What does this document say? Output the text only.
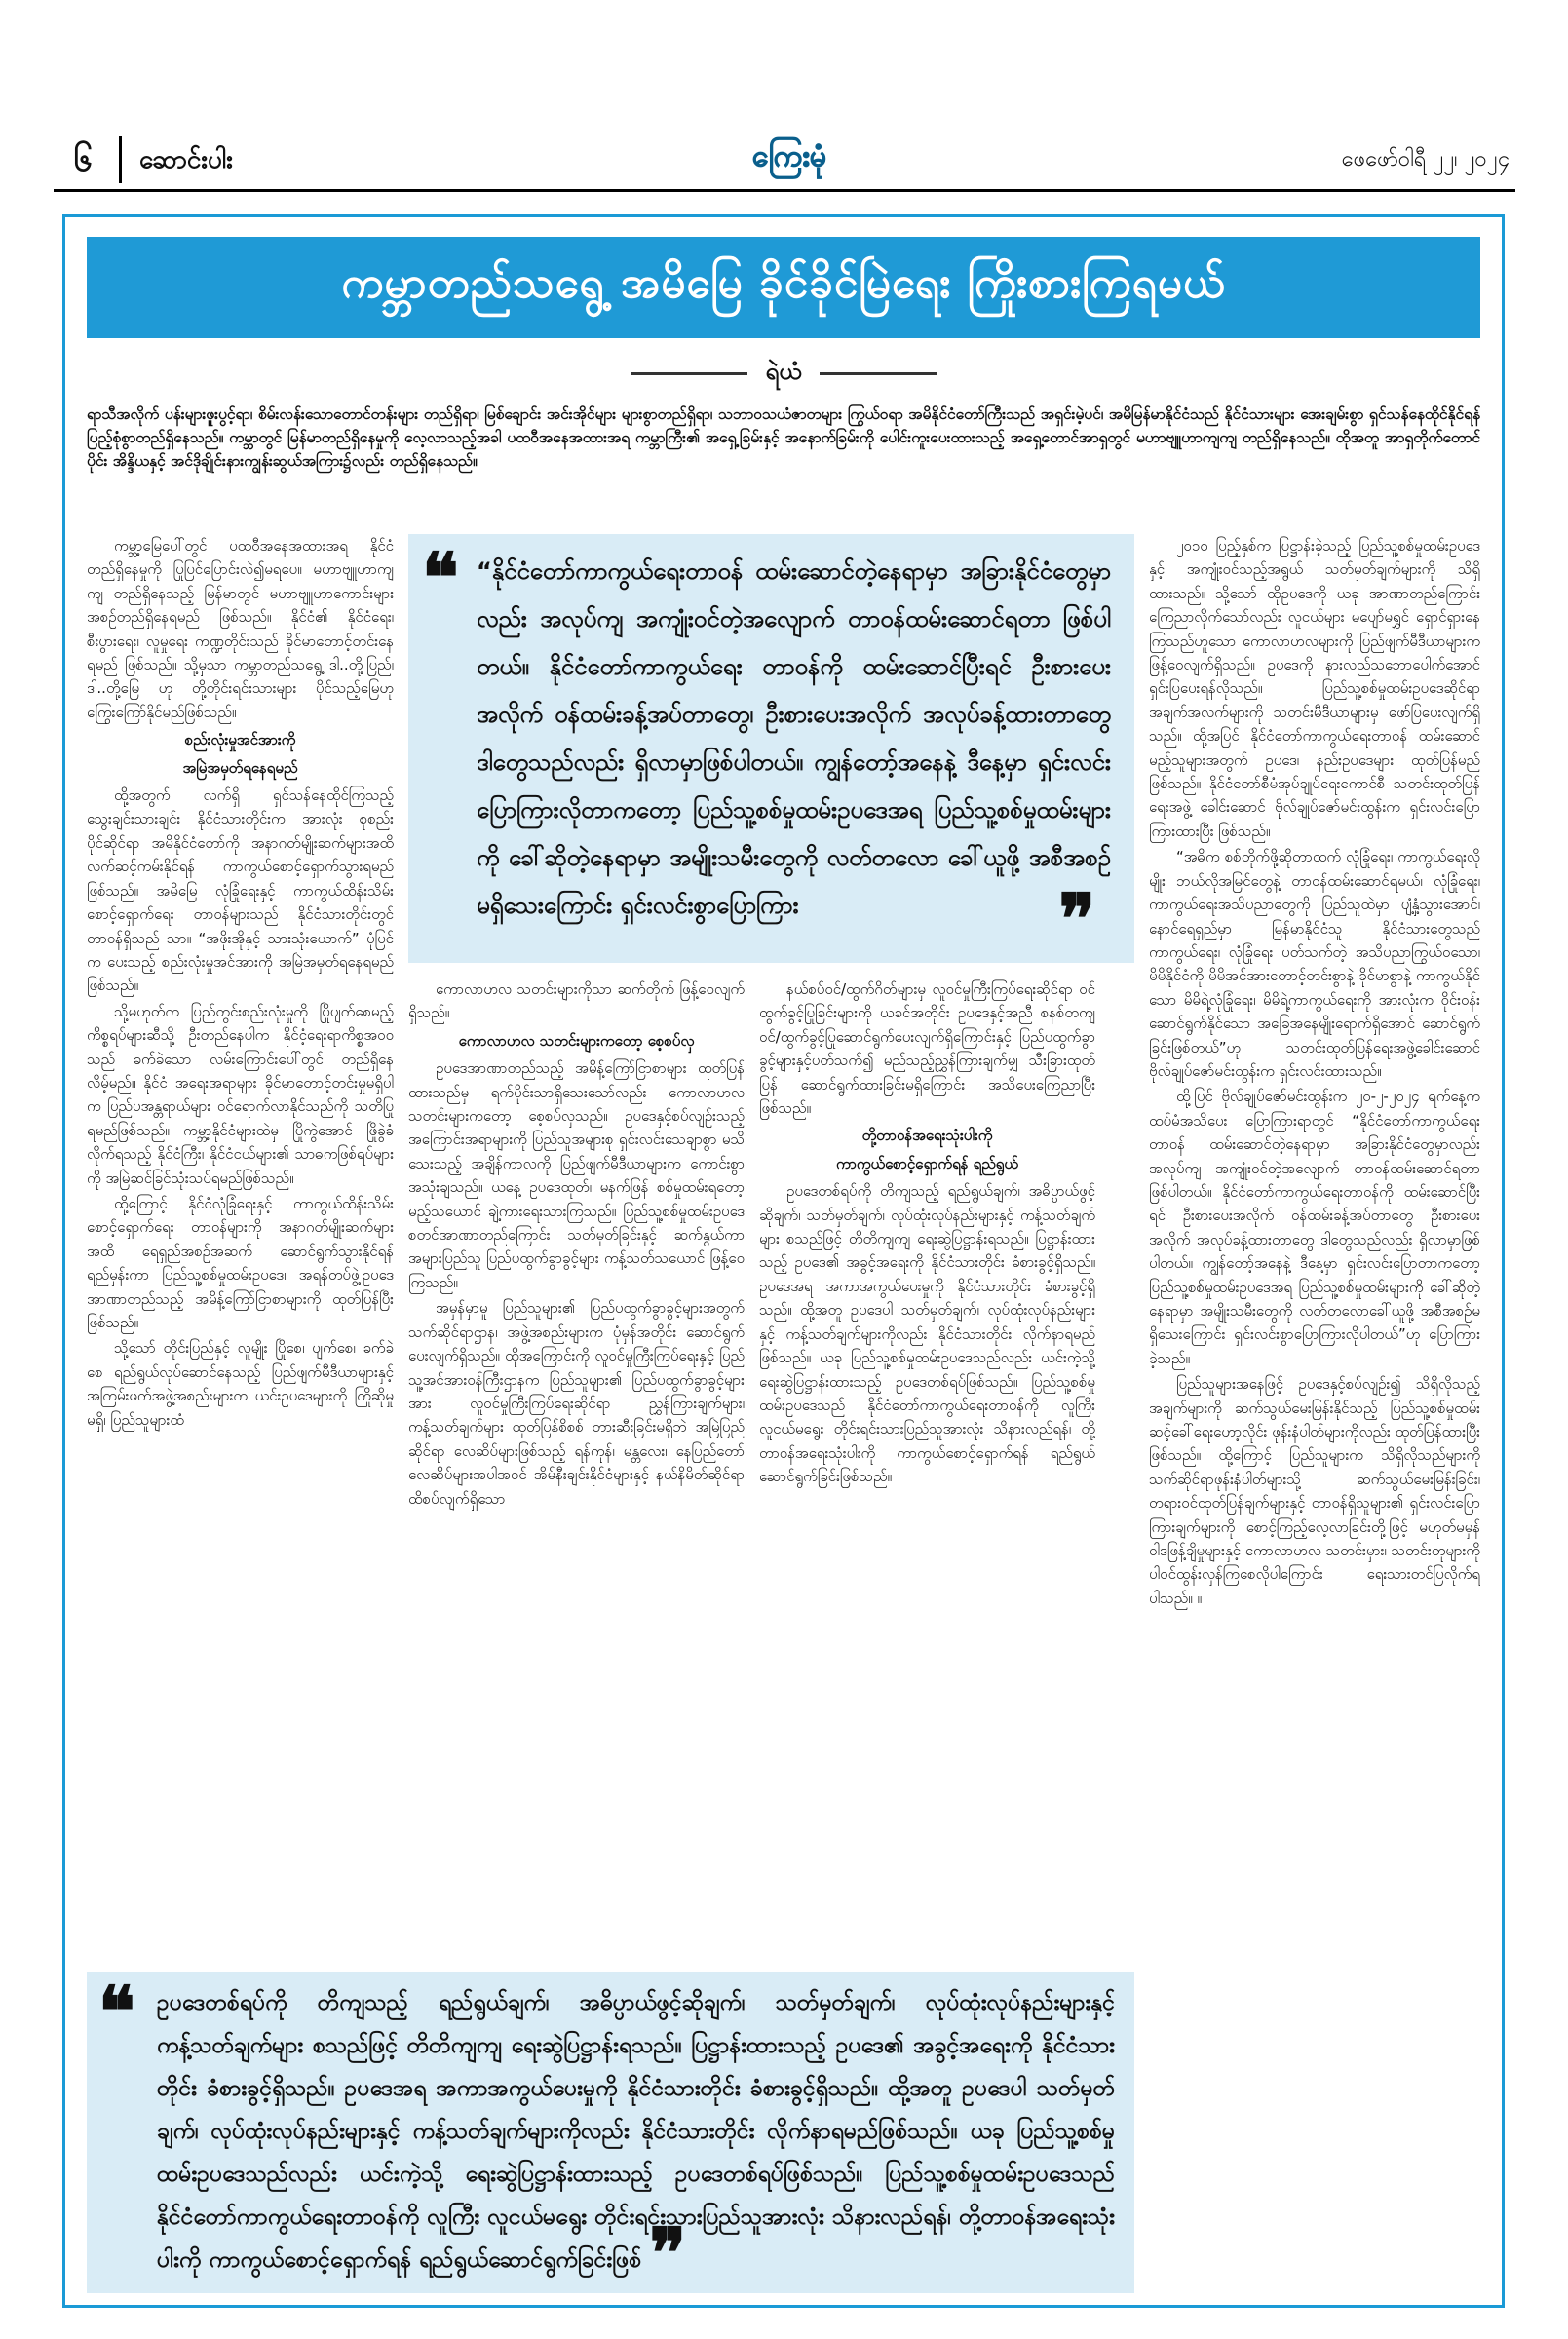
၆	ဆောင်းပါး	ကြေးမုံ	ဖေဖော်ဝါရီ ၂၂၊ ၂၀၂၄
ကမ္ဘာတည်သရွေ့ အမိမြေ ခိုင်ခိုင်မြဲရေး ကြိုးစားကြရမယ်
ရဲယံ
ရာသီအလိုက် ပန်းများဖူးပွင့်ရာ၊ စိမ်းလန်းသောတောင်တန်းများ တည်ရှိရာ၊ မြစ်ချောင်း အင်းအိုင်များ များစွာတည်ရှိရာ၊ သဘာဝသယံဇာတများ ကြွယ်ဝရာ အမိနိုင်ငံတော်ကြီးသည် အရှင်းမဲ့ပင်၊ အမိမြန်မာနိုင်ငံသည် နိုင်ငံသားများ အေးချမ်းစွာ ရှင်သန်နေထိုင်နိုင်ရန် ပြည့်စုံစွာတည်ရှိနေသည်။ ကမ္ဘာတွင် မြန်မာတည်ရှိနေမှုကို လေ့လာသည့်အခါ ပထဝီအနေအထားအရ ကမ္ဘာကြီး၏ အရှေ့ခြမ်းနှင့် အနောက်ခြမ်းကို ပေါင်းကူးပေးထားသည့် အရှေ့တောင်အာရှတွင် မဟာဗျူဟာကျကျ တည်ရှိနေသည်။ ထိုအတူ အာရှတိုက်တောင်ပိုင်း အိန္ဒိယနှင့် အင်ဒိုချိုင်းနားကျွန်းဆွယ်အကြား၌လည်း တည်ရှိနေသည်။

ကမ္ဘာ့မြေပေါ်တွင် ပထဝီအနေအထားအရ နိုင်ငံတည်ရှိနေမှုကို ပြုပြင်ပြောင်းလဲ၍မရပေ။ မဟာဗျူဟာကျကျ တည်ရှိနေသည့် မြန်မာတွင် မဟာဗျူဟာကောင်းများ အစဉ်တည်ရှိနေရမည် ဖြစ်သည်။ နိုင်ငံ၏ နိုင်ငံရေး၊ စီးပွားရေး၊ လူမှုရေး ကဏ္ဍတိုင်းသည် ခိုင်မာတောင့်တင်းနေရမည် ဖြစ်သည်။ သို့မှသာ ကမ္ဘာတည်သရွေ့ ဒါ..တို့ပြည်၊ ဒါ..တို့မြေ ဟု တို့တိုင်းရင်းသားများ ပိုင်သည့်မြေဟု ကြွေးကြော်နိုင်မည်ဖြစ်သည်။

စည်းလုံးမှုအင်အားကို

အမြဲအမှတ်ရနေရမည်

ထို့အတွက် လက်ရှိ ရှင်သန်နေထိုင်ကြသည့် သွေးချင်းသားချင်း နိုင်ငံသားတိုင်းက အားလုံး စုစည်းပိုင်ဆိုင်ရာ အမိနိုင်ငံတော်ကို အနာဂတ်မျိုးဆက်များအထိ လက်ဆင့်ကမ်းနိုင်ရန် ကာကွယ်စောင့်ရှောက်သွားရမည် ဖြစ်သည်။ အမိမြေ လုံခြုံရေးနှင့် ကာကွယ်ထိန်းသိမ်းစောင့်ရှောက်ရေး တာဝန်များသည် နိုင်ငံသားတိုင်းတွင် တာဝန်ရှိသည် သာ။ “အဖိုးအိုနှင့် သားသုံးယောက်” ပုံပြင်က ပေးသည့် စည်းလုံးမှုအင်အားကို အမြဲအမှတ်ရနေရမည်ဖြစ်သည်။

သို့မဟုတ်က ပြည်တွင်းစည်းလုံးမှုကို ပြိုပျက်စေမည့် ကိစ္စရပ်များဆီသို့ ဦးတည်နေပါက နိုင်ငံ့ရေးရာကိစ္စအဝဝသည် ခက်ခဲသော လမ်းကြောင်းပေါ်တွင် တည်ရှိနေလိမ့်မည်။ နိုင်ငံ အရေးအရာများ ခိုင်မာတောင့်တင်းမှုမရှိပါက ပြည်ပအန္တရာယ်များ ဝင်ရောက်လာနိုင်သည်ကို သတိပြုရမည်ဖြစ်သည်။ ကမ္ဘာ့နိုင်ငံများထဲမှ ပြိုကွဲအောင် ဖြိုခွဲခံလိုက်ရသည့် နိုင်ငံကြီး၊ နိုင်ငံငယ်များ၏ သာဓကဖြစ်ရပ်များကို အမြဲဆင်ခြင်သုံးသပ်ရမည်ဖြစ်သည်။

ထို့ကြောင့် နိုင်ငံလုံခြုံရေးနှင့် ကာကွယ်ထိန်းသိမ်းစောင့်ရှောက်ရေး တာဝန်များကို အနာဂတ်မျိုးဆက်များအထိ ရေရှည်အစဉ်အဆက် ဆောင်ရွက်သွားနိုင်ရန် ရည်မှန်းကာ ပြည်သူ့စစ်မှုထမ်းဥပဒေ၊ အရန်တပ်ဖွဲ့ဥပဒေ အာဏာတည်သည့် အမိန့်ကြော်ငြာစာများကို ထုတ်ပြန်ပြီးဖြစ်သည်။

သို့သော် တိုင်းပြည်နှင့် လူမျိုး ပြိုစေ၊ ပျက်စေ၊ ခက်ခဲစေ ရည်ရွယ်လုပ်ဆောင်နေသည့် ပြည်ဖျက်မီဒီယာများနှင့် အကြမ်းဖက်အဖွဲ့အစည်းများက ယင်းဥပဒေများကို ကြိုဆိုမှုမရှိ၊ ပြည်သူများထံ

❝ “နိုင်ငံတော်ကာကွယ်ရေးတာဝန် ထမ်းဆောင်တဲ့နေရာမှာ အခြားနိုင်ငံတွေမှာလည်း အလုပ်ကျ အကျုံးဝင်တဲ့အလျောက် တာဝန်ထမ်းဆောင်ရတာ ဖြစ်ပါတယ်။ နိုင်ငံတော်ကာကွယ်ရေး တာဝန်ကို ထမ်းဆောင်ပြီးရင် ဦးစားပေးအလိုက် ဝန်ထမ်းခန့်အပ်တာတွေ၊ ဦးစားပေးအလိုက် အလုပ်ခန့်ထားတာတွေ ဒါတွေသည်လည်း ရှိလာမှာဖြစ်ပါတယ်။ ကျွန်တော့်အနေနဲ့ ဒီနေ့မှာ ရှင်းလင်းပြောကြားလိုတာကတော့ ပြည်သူ့စစ်မှုထမ်းဥပဒေအရ ပြည်သူ့စစ်မှုထမ်းများကို ခေါ်ဆိုတဲ့နေရာမှာ အမျိုးသမီးတွေကို လတ်တလော ခေါ်ယူဖို့ အစီအစဉ်မရှိသေးကြောင်း ရှင်းလင်းစွာပြောကြား	❞

ကောလာဟလ သတင်းများကိုသာ ဆက်တိုက် ဖြန့်ဝေလျက်ရှိသည်။

ကောလာဟလ သတင်းများကတော့ စေ့စပ်လှ

ဥပဒေအာဏာတည်သည့် အမိန့်ကြော်ငြာစာများ ထုတ်ပြန်ထားသည်မှ ရက်ပိုင်းသာရှိသေးသော်လည်း ကောလာဟလ သတင်းများကတော့ စေ့စပ်လှသည်။ ဥပဒေနှင့်စပ်လျဉ်းသည့် အကြောင်းအရာများကို ပြည်သူအများစု ရှင်းလင်းသေချာစွာ မသိသေးသည့် အချိန်ကာလကို ပြည်ဖျက်မီဒီယာများက ကောင်းစွာအသုံးချသည်။ ယနေ့ ဥပဒေထုတ်၊ မနက်ဖြန် စစ်မှုထမ်းရတော့မည့်သယောင် ချဲ့ကားရေးသားကြသည်။ ပြည်သူ့စစ်မှုထမ်းဥပဒေစတင်အာဏာတည်ကြောင်း သတ်မှတ်ခြင်းနှင့် ဆက်နွယ်ကာ အများပြည်သူ ပြည်ပထွက်ခွာခွင့်များ ကန့်သတ်သယောင် ဖြန့်ဝေကြသည်။

အမှန်မှာမူ ပြည်သူများ၏ ပြည်ပထွက်ခွာခွင့်များအတွက် သက်ဆိုင်ရာဌာန၊ အဖွဲ့အစည်းများက ပုံမှန်အတိုင်း ဆောင်ရွက်ပေးလျက်ရှိသည်။ ထိုအကြောင်းကို လူဝင်မှုကြီးကြပ်ရေးနှင့် ပြည်သူ့အင်အားဝန်ကြီးဌာနက ပြည်သူများ၏ ပြည်ပထွက်ခွာခွင့်များအား လူဝင်မှုကြီးကြပ်ရေးဆိုင်ရာ ညွှန်ကြားချက်များ၊ ကန့်သတ်ချက်များ ထုတ်ပြန်စိစစ် တားဆီးခြင်းမရှိဘဲ အမြဲပြည်ဆိုင်ရာ လေဆိပ်များဖြစ်သည့် ရန်ကုန်၊ မန္တလေး၊ နေပြည်တော်လေဆိပ်များအပါအဝင် အိမ်နီးချင်းနိုင်ငံများနှင့် နယ်နိမိတ်ဆိုင်ရာ ထိစပ်လျက်ရှိသော

နယ်စပ်ဝင်/ထွက်ဂိတ်များမှ လူဝင်မှုကြီးကြပ်ရေးဆိုင်ရာ ဝင်ထွက်ခွင့်ပြုခြင်းများကို ယခင်အတိုင်း ဥပဒေနှင့်အညီ စနစ်တကျ ဝင်/ထွက်ခွင့်ပြုဆောင်ရွက်ပေးလျက်ရှိကြောင်းနှင့် ပြည်ပထွက်ခွာခွင့်များနှင့်ပတ်သက်၍ မည်သည့်ညွှန်ကြားချက်မျှ သီးခြားထုတ်ပြန် ဆောင်ရွက်ထားခြင်းမရှိကြောင်း အသိပေးကြေညာပြီးဖြစ်သည်။

တို့တာဝန်အရေးသုံးပါးကို

ကာကွယ်စောင့်ရှောက်ရန် ရည်ရွယ်

ဥပဒေတစ်ရပ်ကို တိကျသည့် ရည်ရွယ်ချက်၊ အဓိပ္ပာယ်ဖွင့်ဆိုချက်၊ သတ်မှတ်ချက်၊ လုပ်ထုံးလုပ်နည်းများနှင့် ကန့်သတ်ချက်များ စသည်ဖြင့် တိတိကျကျ ရေးဆွဲပြဋ္ဌာန်းရသည်။ ပြဋ္ဌာန်းထားသည့် ဥပဒေ၏ အခွင့်အရေးကို နိုင်ငံသားတိုင်း ခံစားခွင့်ရှိသည်။ ဥပဒေအရ အကာအကွယ်ပေးမှုကို နိုင်ငံသားတိုင်း ခံစားခွင့်ရှိသည်။ ထို့အတူ ဥပဒေပါ သတ်မှတ်ချက်၊ လုပ်ထုံးလုပ်နည်းများနှင့် ကန့်သတ်ချက်များကိုလည်း နိုင်ငံသားတိုင်း လိုက်နာရမည်ဖြစ်သည်။ ယခု ပြည်သူ့စစ်မှုထမ်းဥပဒေသည်လည်း ယင်းကဲ့သို့ ရေးဆွဲပြဋ္ဌာန်းထားသည့် ဥပဒေတစ်ရပ်ဖြစ်သည်။ ပြည်သူ့စစ်မှုထမ်းဥပဒေသည် နိုင်ငံတော်ကာကွယ်ရေးတာဝန်ကို လူကြီး လူငယ်မရွေး တိုင်းရင်းသားပြည်သူအားလုံး သိနားလည်ရန်၊ တို့တာဝန်အရေးသုံးပါးကို ကာကွယ်စောင့်ရှောက်ရန် ရည်ရွယ်ဆောင်ရွက်ခြင်းဖြစ်သည်။

၂၀၁၀ ပြည့်နှစ်က ပြဋ္ဌာန်းခဲ့သည့် ပြည်သူ့စစ်မှုထမ်းဥပဒေနှင့် အကျုံးဝင်သည့်အရွယ် သတ်မှတ်ချက်များကို သိရှိထားသည်။ သို့သော် ထိုဥပဒေကို ယခု အာဏာတည်ကြောင်း ကြေညာလိုက်သော်လည်း လူငယ်များ မပျော်မရွှင် ရှောင်ရှားနေကြသည်ဟူသော ကောလာဟလများကို ပြည်ဖျက်မီဒီယာများက ဖြန့်ဝေလျက်ရှိသည်။ ဥပဒေကို နားလည်သဘောပေါက်အောင် ရှင်းပြပေးရန်လိုသည်။ ပြည်သူ့စစ်မှုထမ်းဥပဒေဆိုင်ရာ အချက်အလက်များကို သတင်းမီဒီယာများမှ ဖော်ပြပေးလျက်ရှိသည်။ ထို့အပြင် နိုင်ငံတော်ကာကွယ်ရေးတာဝန် ထမ်းဆောင်မည့်သူများအတွက် ဥပဒေ၊ နည်းဥပဒေများ ထုတ်ပြန်မည်ဖြစ်သည်။ နိုင်ငံတော်စီမံအုပ်ချုပ်ရေးကောင်စီ သတင်းထုတ်ပြန်ရေးအဖွဲ့ ခေါင်းဆောင် ဗိုလ်ချုပ်ဇော်မင်းထွန်းက ရှင်းလင်းပြောကြားထားပြီး ဖြစ်သည်။

“အဓိက စစ်တိုက်ဖို့ဆိုတာထက် လုံခြုံရေး၊ ကာကွယ်ရေးလိုမျိုး ဘယ်လိုအမြင်တွေနဲ့ တာဝန်ထမ်းဆောင်ရမယ်၊ လုံခြုံရေး၊ ကာကွယ်ရေးအသိပညာတွေကို ပြည်သူထဲမှာ ပျံ့နှံ့သွားအောင်၊ နောင်ရေရှည်မှာ မြန်မာနိုင်ငံသူ နိုင်ငံသားတွေသည် ကာကွယ်ရေး၊ လုံခြုံရေး ပတ်သက်တဲ့ အသိပညာကြွယ်ဝသော၊ မိမိနိုင်ငံကို မိမိအင်အားတောင့်တင်းစွာနဲ့ ခိုင်မာစွာနဲ့ ကာကွယ်နိုင်သော မိမိရဲ့လုံခြုံရေး၊ မိမိရဲ့ကာကွယ်ရေးကို အားလုံးက ဝိုင်းဝန်းဆောင်ရွက်နိုင်သော အခြေအနေမျိုးရောက်ရှိအောင် ဆောင်ရွက်ခြင်းဖြစ်တယ်”ဟု သတင်းထုတ်ပြန်ရေးအဖွဲ့ခေါင်းဆောင် ဗိုလ်ချုပ်ဇော်မင်းထွန်းက ရှင်းလင်းထားသည်။

ထို့ပြင် ဗိုလ်ချုပ်ဇော်မင်းထွန်းက ၂၀-၂-၂၀၂၄ ရက်နေ့က ထပ်မံအသိပေး ပြောကြားရာတွင် “နိုင်ငံတော်ကာကွယ်ရေးတာဝန် ထမ်းဆောင်တဲ့နေရာမှာ အခြားနိုင်ငံတွေမှာလည်း အလုပ်ကျ အကျုံးဝင်တဲ့အလျောက် တာဝန်ထမ်းဆောင်ရတာ ဖြစ်ပါတယ်။ နိုင်ငံတော်ကာကွယ်ရေးတာဝန်ကို ထမ်းဆောင်ပြီးရင် ဦးစားပေးအလိုက် ဝန်ထမ်းခန့်အပ်တာတွေ ဦးစားပေးအလိုက် အလုပ်ခန့်ထားတာတွေ ဒါတွေသည်လည်း ရှိလာမှာဖြစ်ပါတယ်။ ကျွန်တော့်အနေနဲ့ ဒီနေ့မှာ ရှင်းလင်းပြောတာကတော့ ပြည်သူ့စစ်မှုထမ်းဥပဒေအရ ပြည်သူ့စစ်မှုထမ်းများကို ခေါ်ဆိုတဲ့နေရာမှာ အမျိုးသမီးတွေကို လတ်တလောခေါ်ယူဖို့ အစီအစဉ်မရှိသေးကြောင်း ရှင်းလင်းစွာပြောကြားလိုပါတယ်”ဟု ပြောကြားခဲ့သည်။

ပြည်သူများအနေဖြင့် ဥပဒေနှင့်စပ်လျဉ်း၍ သိရှိလိုသည့်အချက်များကို ဆက်သွယ်မေးမြန်းနိုင်သည့် ပြည်သူ့စစ်မှုထမ်းဆင့်ခေါ်ရေးဟော့လိုင်း ဖုန်းနံပါတ်များကိုလည်း ထုတ်ပြန်ထားပြီးဖြစ်သည်။ ထို့ကြောင့် ပြည်သူများက သိရှိလိုသည်များကို သက်ဆိုင်ရာဖုန်းနံပါတ်များသို့ ဆက်သွယ်မေးမြန်းခြင်း၊ တရားဝင်ထုတ်ပြန်ချက်များနှင့် တာဝန်ရှိသူများ၏ ရှင်းလင်းပြောကြားချက်များကို စောင့်ကြည့်လေ့လာခြင်းတို့ဖြင့် မဟုတ်မမှန် ဝါဒဖြန့်ချိမှုများနှင့် ကောလာဟလ သတင်းမှား၊ သတင်းတုများကို ပါဝင်ထွန်းလှန်ကြစေလိုပါကြောင်း ရေးသားတင်ပြလိုက်ရပါသည်။ ။

❝ ဥပဒေတစ်ရပ်ကို တိကျသည့် ရည်ရွယ်ချက်၊ အဓိပ္ပာယ်ဖွင့်ဆိုချက်၊ သတ်မှတ်ချက်၊ လုပ်ထုံးလုပ်နည်းများနှင့် ကန့်သတ်ချက်များ စသည်ဖြင့် တိတိကျကျ ရေးဆွဲပြဋ္ဌာန်းရသည်။ ပြဋ္ဌာန်းထားသည့် ဥပဒေ၏ အခွင့်အရေးကို နိုင်ငံသားတိုင်း ခံစားခွင့်ရှိသည်။ ဥပဒေအရ အကာအကွယ်ပေးမှုကို နိုင်ငံသားတိုင်း ခံစားခွင့်ရှိသည်။ ထို့အတူ ဥပဒေပါ သတ်မှတ်ချက်၊ လုပ်ထုံးလုပ်နည်းများနှင့် ကန့်သတ်ချက်များကိုလည်း နိုင်ငံသားတိုင်း လိုက်နာရမည်ဖြစ်သည်။ ယခု ပြည်သူ့စစ်မှုထမ်းဥပဒေသည်လည်း ယင်းကဲ့သို့ ရေးဆွဲပြဋ္ဌာန်းထားသည့် ဥပဒေတစ်ရပ်ဖြစ်သည်။ ပြည်သူ့စစ်မှုထမ်းဥပဒေသည် နိုင်ငံတော်ကာကွယ်ရေးတာဝန်ကို လူကြီး လူငယ်မရွေး တိုင်းရင်းသားပြည်သူအားလုံး သိနားလည်ရန်၊ တို့တာဝန်အရေးသုံးပါးကို ကာကွယ်စောင့်ရှောက်ရန် ရည်ရွယ်ဆောင်ရွက်ခြင်းဖြစ် ❞
